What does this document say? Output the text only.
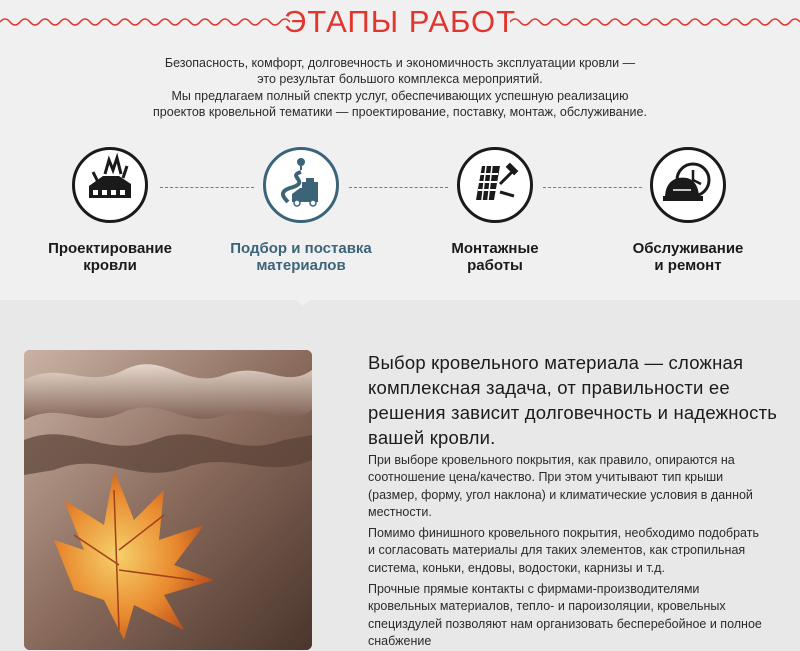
ЭТАПЫ РАБОТ
Безопасность, комфорт, долговечность и экономичность эксплуатации кровли —
это результат большого комплекса мероприятий.
Мы предлагаем полный спектр услуг, обеспечивающих успешную реализацию
проектов кровельной тематики — проектирование, поставку, монтаж, обслуживание.
Проектирование
кровли
Подбор и поставка
материалов
Монтажные
работы
Обслуживание
и ремонт
Выбор кровельного материала — сложная комплексная задача, от правильности ее решения зависит долговечность и надежность вашей кровли.
При выборе кровельного покрытия, как правило, опираются на соотношение цена/качество. При этом учитывают тип крыши (размер, форму, угол наклона) и климатические условия в данной местности.
Помимо финишного кровельного покрытия, необходимо подобрать и согласовать материалы для таких элементов, как стропильная система, коньки, ендовы, водостоки, карнизы и т.д.
Прочные прямые контакты с фирмами-производителями кровельных материалов, тепло- и пароизоляции, кровельных специздулей позволяют нам организовать бесперебойное и полное снабжение
